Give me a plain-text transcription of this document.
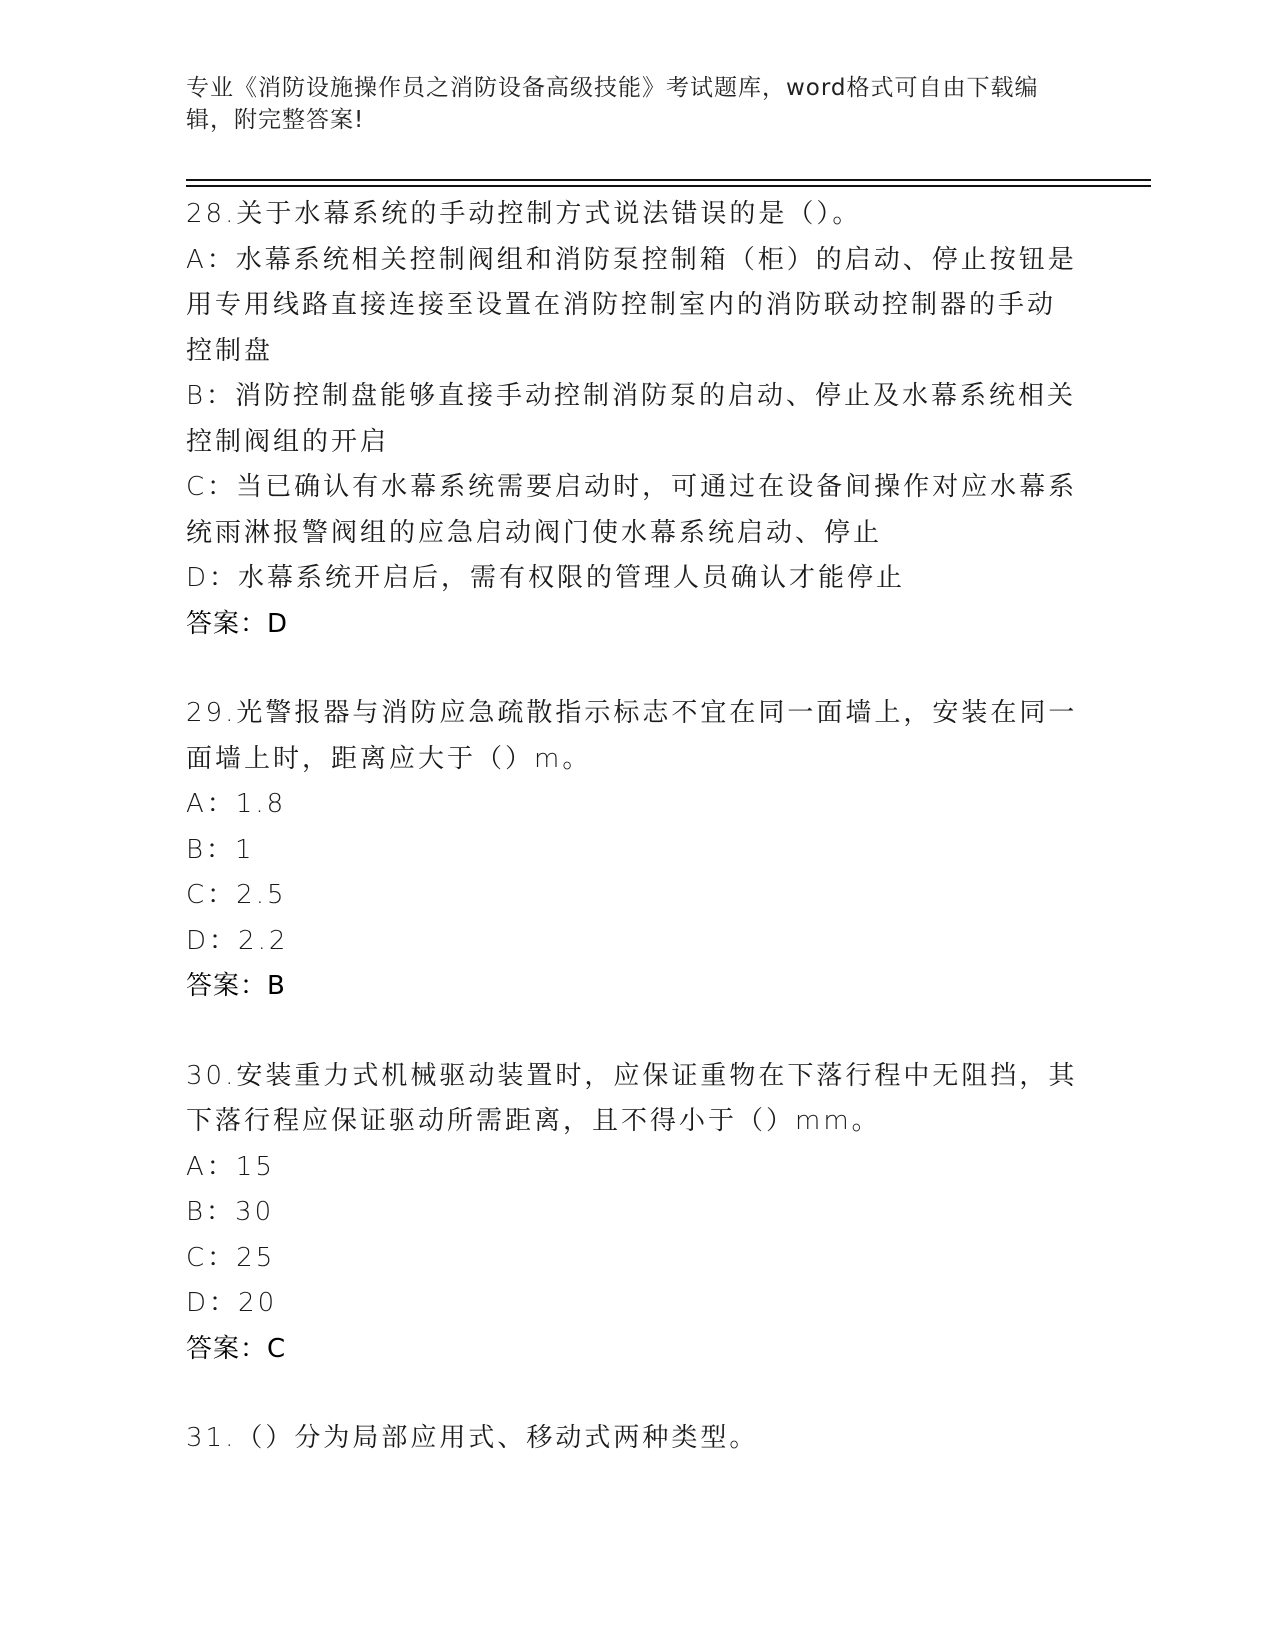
专业《消防设施操作员之消防设备高级技能》考试题库，word格式可自由下载编
辑，附完整答案!
28.关于水幕系统的手动控制方式说法错误的是（）。
A：水幕系统相关控制阀组和消防泵控制箱（柜）的启动、停止按钮是
用专用线路直接连接至设置在消防控制室内的消防联动控制器的手动
控制盘
B：消防控制盘能够直接手动控制消防泵的启动、停止及水幕系统相关
控制阀组的开启
C：当已确认有水幕系统需要启动时，可通过在设备间操作对应水幕系
统雨淋报警阀组的应急启动阀门使水幕系统启动、停止
D：水幕系统开启后，需有权限的管理人员确认才能停止
答案：D
29.光警报器与消防应急疏散指示标志不宜在同一面墙上，安装在同一
面墙上时，距离应大于（）m。
A：1.8
B：1
C：2.5
D：2.2
答案：B
30.安装重力式机械驱动装置时，应保证重物在下落行程中无阻挡，其
下落行程应保证驱动所需距离，且不得小于（）mm。
A：15
B：30
C：25
D：20
答案：C
31.（）分为局部应用式、移动式两种类型。
